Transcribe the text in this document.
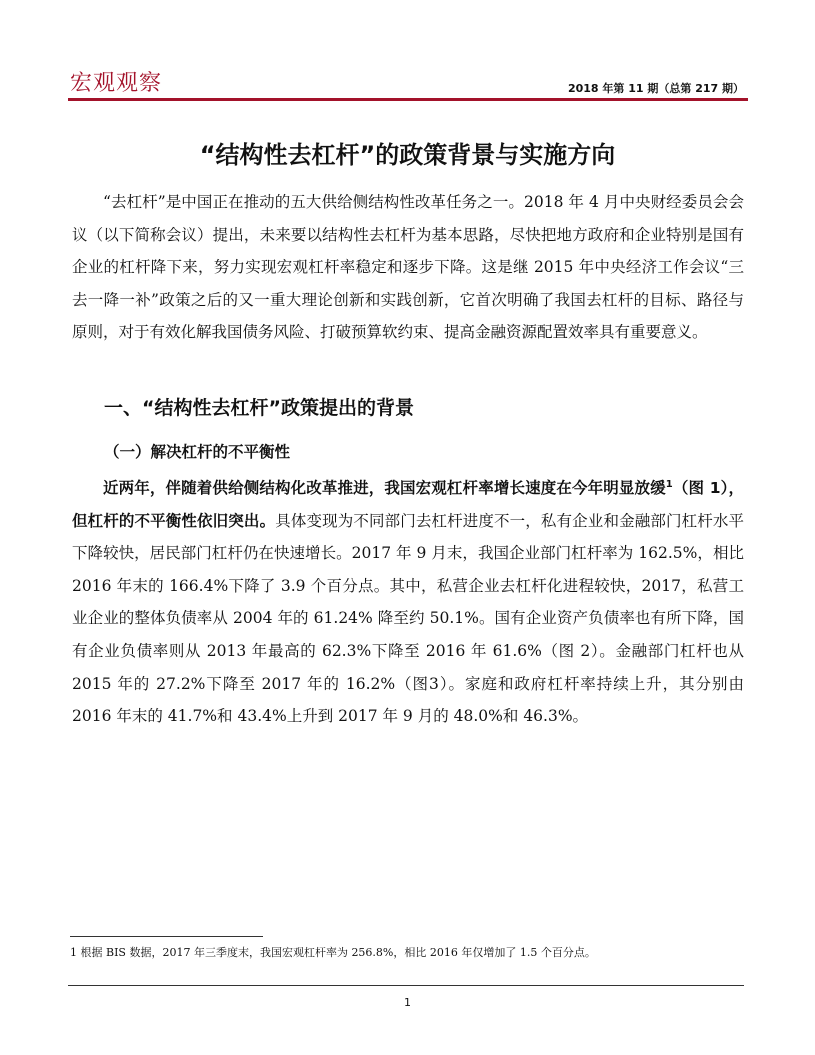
宏观观察	2018 年第 11 期（总第 217 期）
“结构性去杠杆”的政策背景与实施方向

“去杠杆”是中国正在推动的五大供给侧结构性改革任务之一。2018 年 4 月中央财经委员会会议（以下简称会议）提出，未来要以结构性去杠杆为基本思路，尽快把地方政府和企业特别是国有企业的杠杆降下来，努力实现宏观杠杆率稳定和逐步下降。这是继 2015 年中央经济工作会议“三去一降一补”政策之后的又一重大理论创新和实践创新，它首次明确了我国去杠杆的目标、路径与原则，对于有效化解我国债务风险、打破预算软约束、提高金融资源配置效率具有重要意义。

一、“结构性去杠杆”政策提出的背景
（一）解决杠杆的不平衡性

近两年，伴随着供给侧结构化改革推进，我国宏观杠杆率增长速度在今年明显放缓$^1$（图 1），但杠杆的不平衡性依旧突出。具体变现为不同部门去杠杆进度不一，私有企业和金融部门杠杆水平下降较快，居民部门杠杆仍在快速增长。2017 年 9 月末，我国企业部门杠杆率为 162.5%，相比 2016 年末的 166.4%下降了 3.9 个百分点。其中，私营企业去杠杆化进程较快，2017，私营工业企业的整体负债率从 2004 年的 61.24% 降至约 50.1%。国有企业资产负债率也有所下降，国有企业负债率则从 2013 年最高的 62.3%下降至 2016 年 61.6%（图 2）。金融部门杠杆也从 2015 年的 27.2%下降至 2017 年的 16.2%（图3）。家庭和政府杠杆率持续上升，其分别由 2016 年末的 41.7%和 43.4%上升到 2017 年 9 月的 48.0%和 46.3%。

1 根据 BIS 数据，2017 年三季度末，我国宏观杠杆率为 256.8%，相比 2016 年仅增加了 1.5 个百分点。
1
